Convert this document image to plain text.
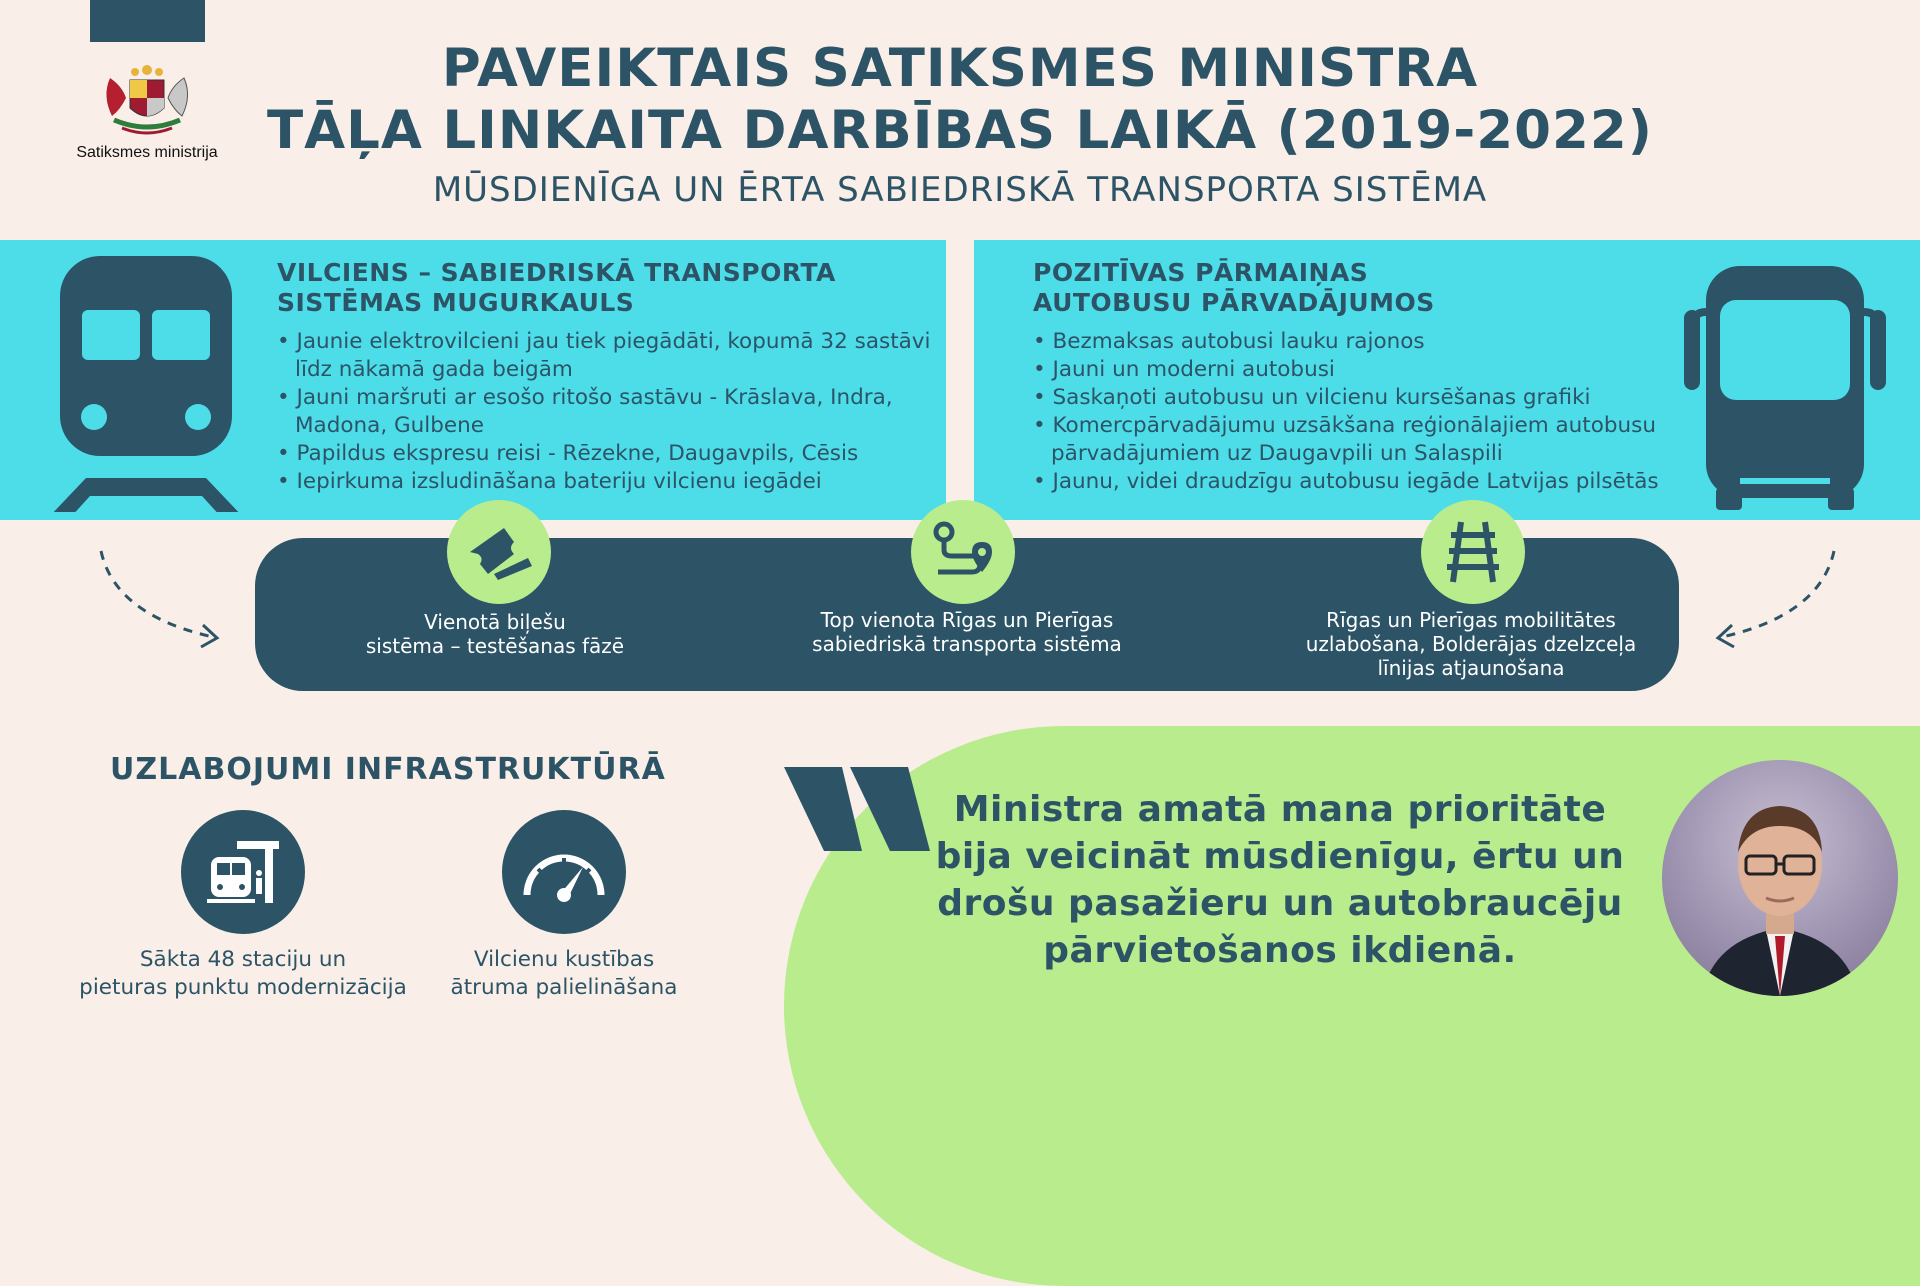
Satiksmes ministrija
PAVEIKTAIS SATIKSMES MINISTRA
TĀĻA LINKAITA DARBĪBAS LAIKĀ (2019-2022)
MŪSDIENĪGA UN ĒRTA SABIEDRISKĀ TRANSPORTA SISTĒMA
VILCIENS – SABIEDRISKĀ TRANSPORTA
SISTĒMAS MUGURKAULS
• Jaunie elektrovilcieni jau tiek piegādāti, kopumā 32 sastāvi līdz nākamā gada beigām
• Jauni maršruti ar esošo ritošo sastāvu - Krāslava, Indra, Madona, Gulbene
• Papildus ekspresu reisi - Rēzekne, Daugavpils, Cēsis
• Iepirkuma izsludināšana bateriju vilcienu iegādei
POZITĪVAS PĀRMAIŅAS
AUTOBUSU PĀRVADĀJUMOS
• Bezmaksas autobusi lauku rajonos
• Jauni un moderni autobusi
• Saskaņoti autobusu un vilcienu kursēšanas grafiki
• Komercpārvadājumu uzsākšana reģionālajiem autobusu pārvadājumiem uz Daugavpili un Salaspili
• Jaunu, videi draudzīgu autobusu iegāde Latvijas pilsētās
Vienotā biļešu
sistēma – testēšanas fāzē
Top vienota Rīgas un Pierīgas
sabiedriskā transporta sistēma
Rīgas un Pierīgas mobilitātes
uzlabošana, Bolderājas dzelzceļa
līnijas atjaunošana
UZLABOJUMI INFRASTRUKTŪRĀ
Sākta 48 staciju un
pieturas punktu modernizācija
Vilcienu kustības
ātruma palielināšana
Ministra amatā mana prioritāte
bija veicināt mūsdienīgu, ērtu un
drošu pasažieru un autobraucēju
pārvietošanos ikdienā.
